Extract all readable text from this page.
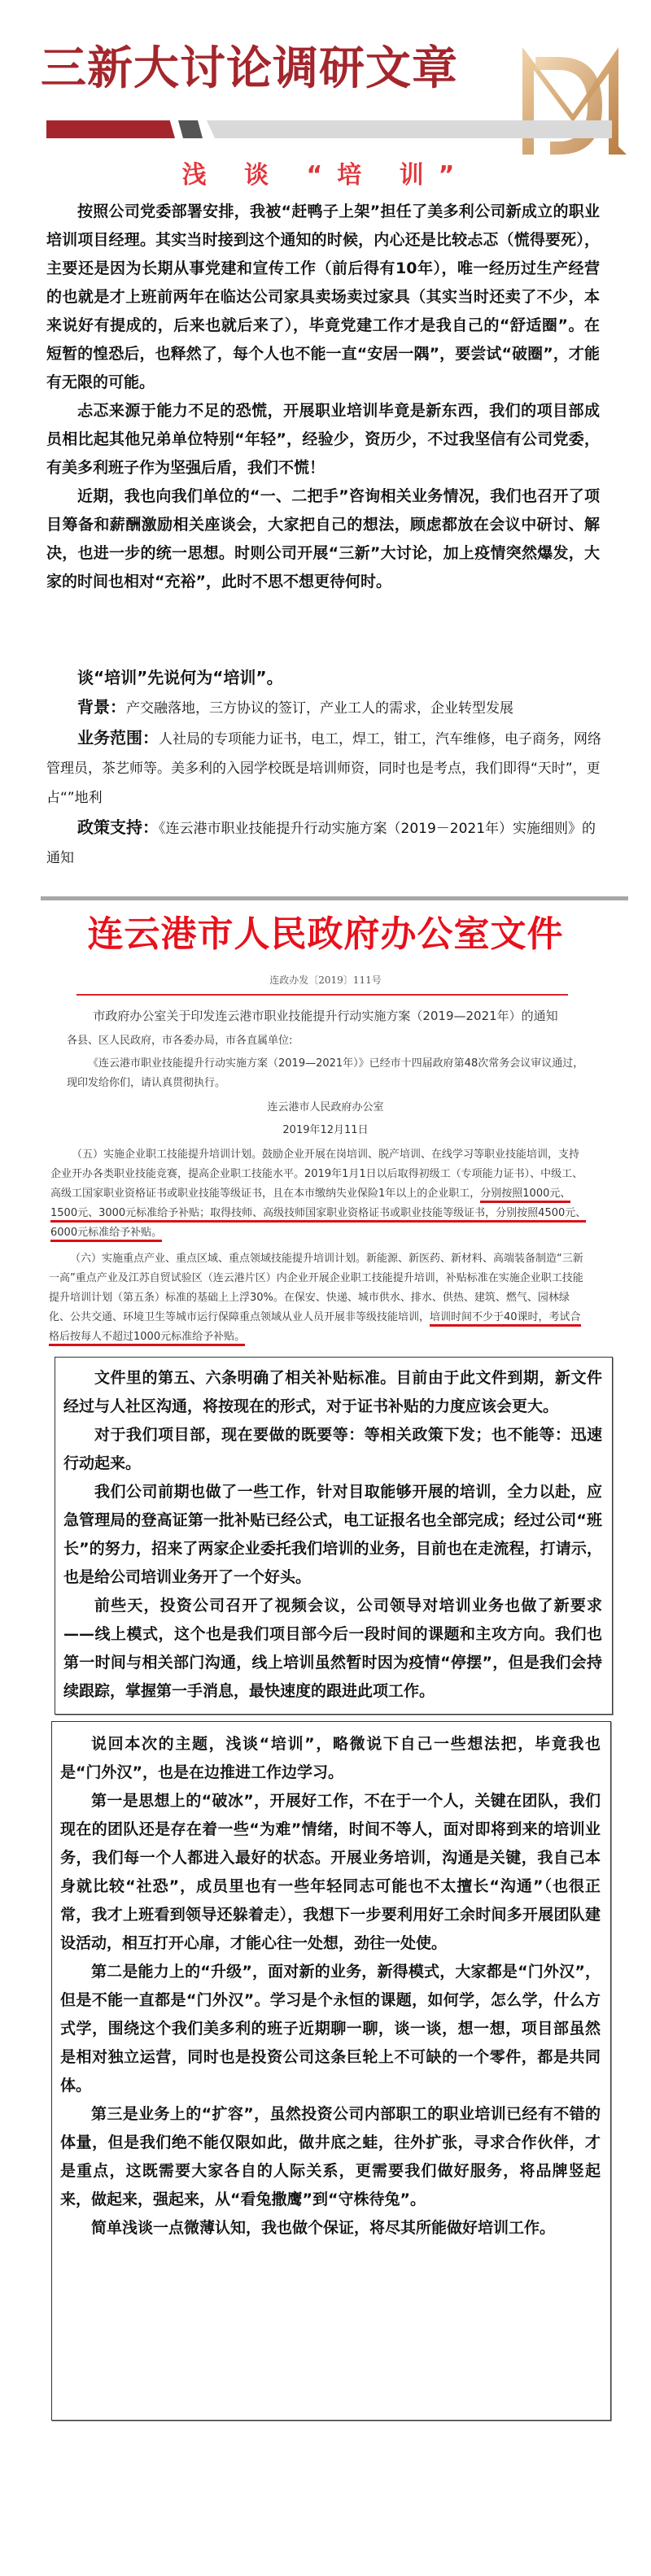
三新大讨论调研文章
浅 谈 “培 训”

按照公司党委部署安排，我被“赶鸭子上架”担任了美多利公司新成立的职业培训项目经理。其实当时接到这个通知的时候，内心还是比较忐忑（慌得要死），主要还是因为长期从事党建和宣传工作（前后得有10年），唯一经历过生产经营的也就是才上班前两年在临达公司家具卖场卖过家具（其实当时还卖了不少，本来说好有提成的，后来也就后来了），毕竟党建工作才是我自己的“舒适圈”。在短暂的惶恐后，也释然了，每个人也不能一直“安居一隅”，要尝试“破圈”，才能有无限的可能。

忐忑来源于能力不足的恐慌，开展职业培训毕竟是新东西，我们的项目部成员相比起其他兄弟单位特别“年轻”，经验少，资历少，不过我坚信有公司党委，有美多利班子作为坚强后盾，我们不慌！

近期，我也向我们单位的“一、二把手”咨询相关业务情况，我们也召开了项目筹备和薪酬激励相关座谈会，大家把自己的想法，顾虑都放在会议中研讨、解决，也进一步的统一思想。时则公司开展“三新”大讨论，加上疫情突然爆发，大家的时间也相对“充裕”，此时不思不想更待何时。

谈“培训”先说何为“培训”。
背景：产交融落地，三方协议的签订，产业工人的需求，企业转型发展
业务范围：人社局的专项能力证书，电工，焊工，钳工，汽车维修，电子商务，网络管理员，茶艺师等。美多利的入园学校既是培训师资，同时也是考点，我们即得“天时”，更占“”地利
政策支持：《连云港市职业技能提升行动实施方案（2019－2021年）实施细则》的通知
连云港市人民政府办公室文件
连政办发〔2019〕111号
市政府办公室关于印发连云港市职业技能提升行动实施方案（2019—2021年）的通知
各县、区人民政府，市各委办局，市各直属单位:
《连云港市职业技能提升行动实施方案（2019—2021年）》已经市十四届政府第48次常务会议审议通过，现印发给你们，请认真贯彻执行。
连云港市人民政府办公室
2019年12月11日
（五）实施企业职工技能提升培训计划。鼓励企业开展在岗培训、脱产培训、在线学习等职业技能培训，支持企业开办各类职业技能竞赛，提高企业职工技能水平。2019年1月1日以后取得初级工（专项能力证书）、中级工、高级工国家职业资格证书或职业技能等级证书，且在本市缴纳失业保险1年以上的企业职工，分别按照1000元、1500元、3000元标准给予补贴；取得技师、高级技师国家职业资格证书或职业技能等级证书，分别按照4500元、6000元标准给予补贴。
（六）实施重点产业、重点区域、重点领域技能提升培训计划。新能源、新医药、新材料、高端装备制造“三新一高”重点产业及江苏自贸试验区（连云港片区）内企业开展企业职工技能提升培训，补贴标准在实施企业职工技能提升培训计划（第五条）标准的基础上上浮30%。在保安、快递、城市供水、排水、供热、建筑、燃气、园林绿化、公共交通、环境卫生等城市运行保障重点领域从业人员开展非等级技能培训，培训时间不少于40课时，考试合格后按每人不超过1000元标准给予补贴。

文件里的第五、六条明确了相关补贴标准。目前由于此文件到期，新文件经过与人社区沟通，将按现在的形式，对于证书补贴的力度应该会更大。

对于我们项目部，现在要做的既要等：等相关政策下发；也不能等：迅速行动起来。

我们公司前期也做了一些工作，针对目取能够开展的培训，全力以赴，应急管理局的登高证第一批补贴已经公式，电工证报名也全部完成；经过公司“班长”的努力，招来了两家企业委托我们培训的业务，目前也在走流程，打请示，也是给公司培训业务开了一个好头。

前些天，投资公司召开了视频会议，公司领导对培训业务也做了新要求——线上模式，这个也是我们项目部今后一段时间的课题和主攻方向。我们也第一时间与相关部门沟通，线上培训虽然暂时因为疫情“停摆”，但是我们会持续跟踪，掌握第一手消息，最快速度的跟进此项工作。

说回本次的主题，浅谈“培训”，略微说下自己一些想法把，毕竟我也是“门外汉”，也是在边推进工作边学习。

第一是思想上的“破冰”，开展好工作，不在于一个人，关键在团队，我们现在的团队还是存在着一些“为难”情绪，时间不等人，面对即将到来的培训业务，我们每一个人都进入最好的状态。开展业务培训，沟通是关键，我自己本身就比较“社恐”，成员里也有一些年轻同志可能也不太擅长“沟通”（也很正常，我才上班看到领导还躲着走），我想下一步要利用好工余时间多开展团队建设活动，相互打开心扉，才能心往一处想，劲往一处使。

第二是能力上的“升级”，面对新的业务，新得模式，大家都是“门外汉”，但是不能一直都是“门外汉”。学习是个永恒的课题，如何学，怎么学，什么方式学，围绕这个我们美多利的班子近期聊一聊，谈一谈，想一想，项目部虽然是相对独立运营，同时也是投资公司这条巨轮上不可缺的一个零件，都是共同体。

第三是业务上的“扩容”，虽然投资公司内部职工的职业培训已经有不错的体量，但是我们绝不能仅限如此，做井底之蛙，往外扩张，寻求合作伙伴，才是重点，这既需要大家各自的人际关系，更需要我们做好服务，将品牌竖起来，做起来，强起来，从“看兔撒鹰”到“守株待兔”。

简单浅谈一点微薄认知，我也做个保证，将尽其所能做好培训工作。
